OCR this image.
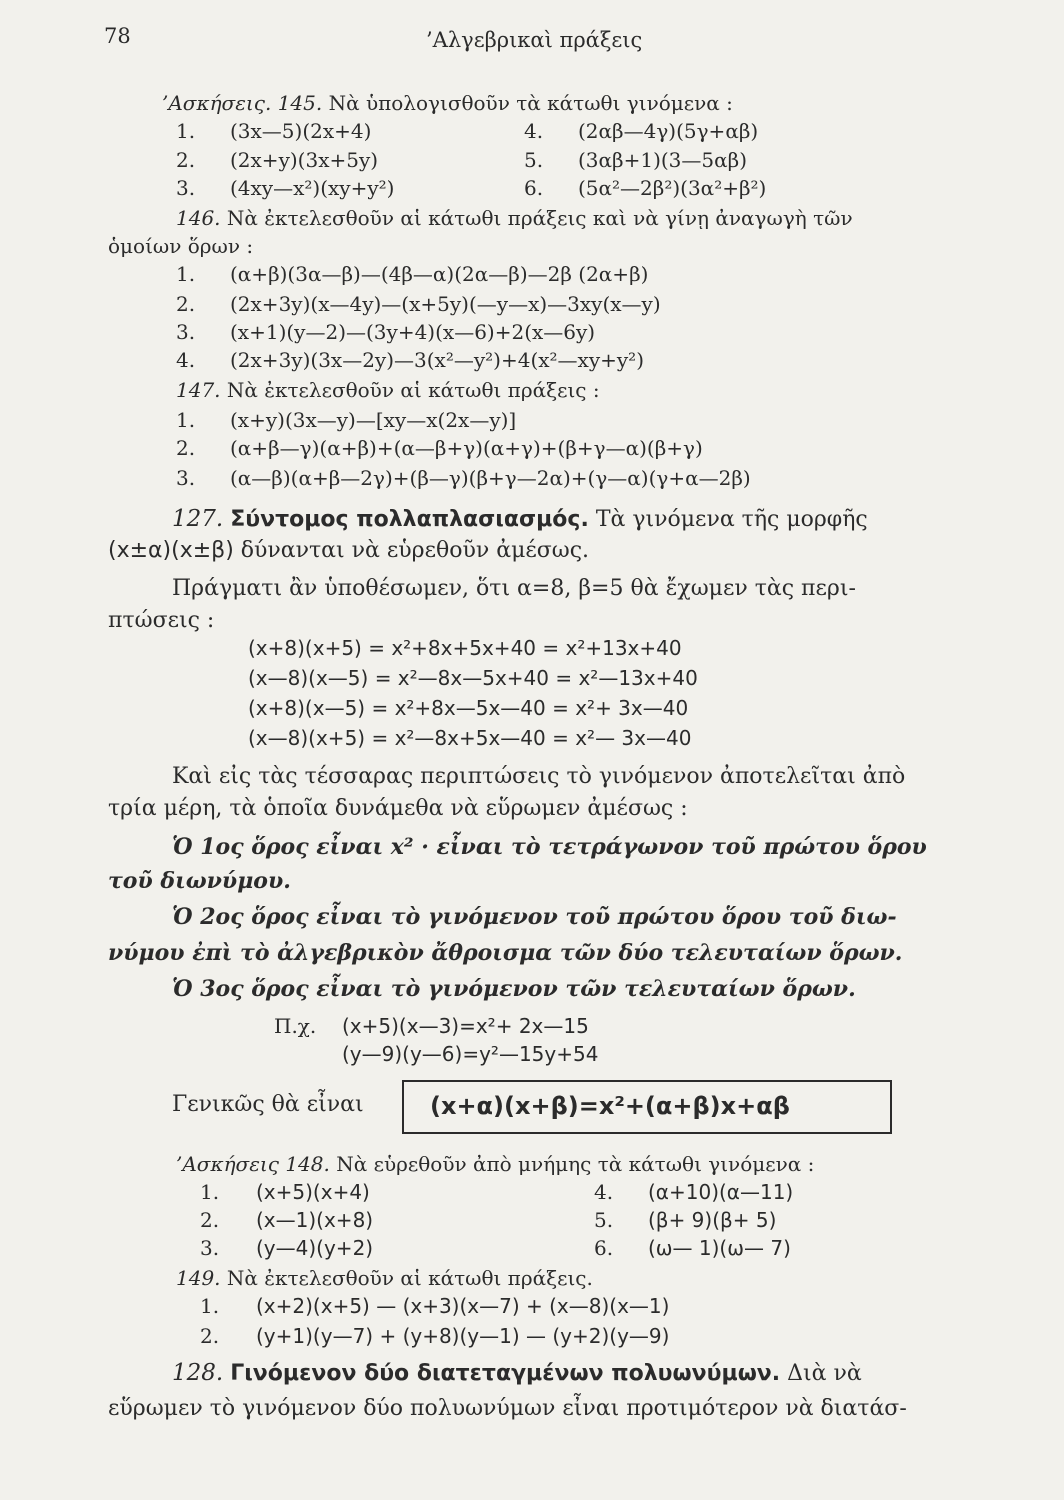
78	’Αλγεβρικαὶ πράξεις
’Ασκήσεις. 145. Νὰ ὑπολογισθοῦν τὰ κάτωθι γινόμενα :
1. (3x—5)(2x+4)
2. (2x+y)(3x+5y)
3. (4xy—x²)(xy+y²)
4. (2αβ—4γ)(5γ+αβ)
5. (3αβ+1)(3—5αβ)
6. (5α²—2β²)(3α²+β²)
146. Νὰ ἐκτελεσθοῦν αἱ κάτωθι πράξεις καὶ νὰ γίνῃ ἀναγωγὴ τῶν
ὁμοίων ὅρων :
1. (α+β)(3α—β)—(4β—α)(2α—β)—2β (2α+β)
2. (2x+3y)(x—4y)—(x+5y)(—y—x)—3xy(x—y)
3. (x+1)(y—2)—(3y+4)(x—6)+2(x—6y)
4. (2x+3y)(3x—2y)—3(x²—y²)+4(x²—xy+y²)
147. Νὰ ἐκτελεσθοῦν αἱ κάτωθι πράξεις :
1. (x+y)(3x—y)—[xy—x(2x—y)]
2. (α+β—γ)(α+β)+(α—β+γ)(α+γ)+(β+γ—α)(β+γ)
3. (α—β)(α+β—2γ)+(β—γ)(β+γ—2α)+(γ—α)(γ+α—2β)
127. Σύντομος πολλαπλασιασμός. Τὰ γινόμενα τῆς μορφῆς
(x±α)(x±β) δύνανται νὰ εὑρεθοῦν ἀμέσως.
Πράγματι ἂν ὑποθέσωμεν, ὅτι α=8, β=5 θὰ ἔχωμεν τὰς περι-
πτώσεις :
(x+8)(x+5) = x²+8x+5x+40 = x²+13x+40
(x—8)(x—5) = x²—8x—5x+40 = x²—13x+40
(x+8)(x—5) = x²+8x—5x—40 = x²+ 3x—40
(x—8)(x+5) = x²—8x+5x—40 = x²— 3x—40
Καὶ εἰς τὰς τέσσαρας περιπτώσεις τὸ γινόμενον ἀποτελεῖται ἀπὸ
τρία μέρη, τὰ ὁποῖα δυνάμεθα νὰ εὕρωμεν ἀμέσως :
Ὁ 1ος ὅρος εἶναι x² · εἶναι τὸ τετράγωνον τοῦ πρώτου ὅρου
τοῦ διωνύμου.
Ὁ 2ος ὅρος εἶναι τὸ γινόμενον τοῦ πρώτου ὅρου τοῦ διω-
νύμου ἐπὶ τὸ ἀλγεβρικὸν ἄθροισμα τῶν δύο τελευταίων ὅρων.
Ὁ 3ος ὅρος εἶναι τὸ γινόμενον τῶν τελευταίων ὅρων.
Π.χ. (x+5)(x—3)=x²+ 2x—15
(y—9)(y—6)=y²—15y+54
Γενικῶς θὰ εἶναι	(x+α)(x+β)=x²+(α+β)x+αβ
’Ασκήσεις 148. Νὰ εὑρεθοῦν ἀπὸ μνήμης τὰ κάτωθι γινόμενα :
1. (x+5)(x+4)
2. (x—1)(x+8)
3. (y—4)(y+2)
4. (α+10)(α—11)
5. (β+ 9)(β+ 5)
6. (ω— 1)(ω— 7)
149. Νὰ ἐκτελεσθοῦν αἱ κάτωθι πράξεις.
1. (x+2)(x+5) — (x+3)(x—7) + (x—8)(x—1)
2. (y+1)(y—7) + (y+8)(y—1) — (y+2)(y—9)
128. Γινόμενον δύο διατεταγμένων πολυωνύμων. Διὰ νὰ
εὕρωμεν τὸ γινόμενον δύο πολυωνύμων εἶναι προτιμότερον νὰ διατάσ-
